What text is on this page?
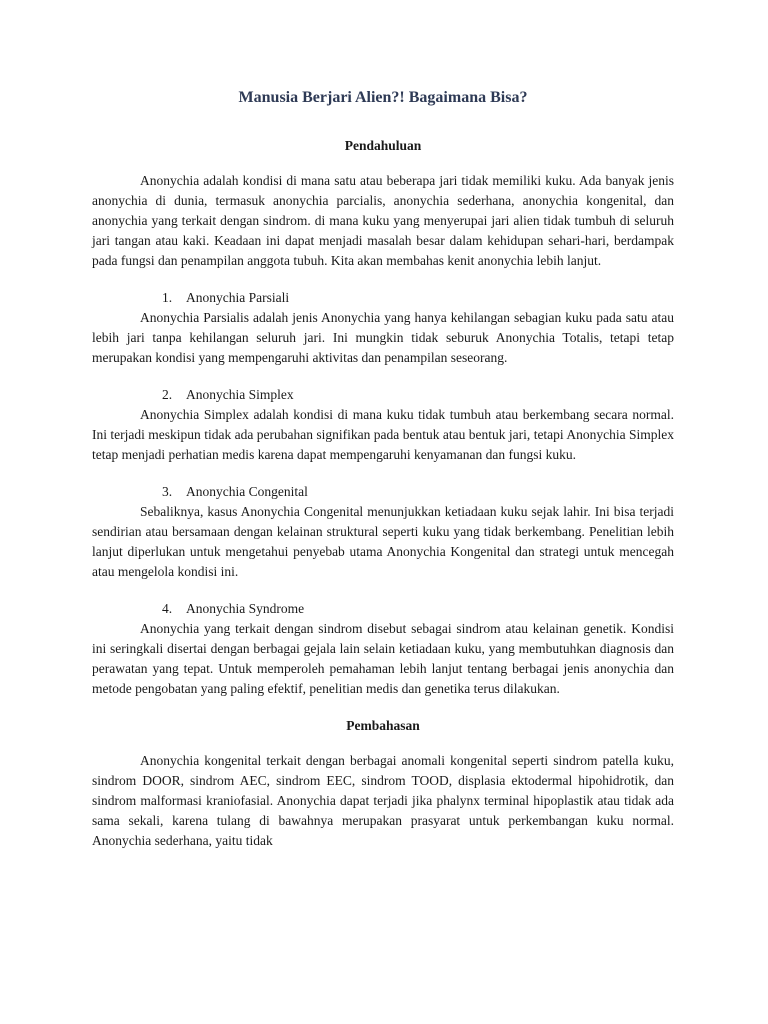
Manusia Berjari Alien?! Bagaimana Bisa?
Pendahuluan

Anonychia adalah kondisi di mana satu atau beberapa jari tidak memiliki kuku. Ada banyak jenis anonychia di dunia, termasuk anonychia parcialis, anonychia sederhana, anonychia kongenital, dan anonychia yang terkait dengan sindrom. di mana kuku yang menyerupai jari alien tidak tumbuh di seluruh jari tangan atau kaki. Keadaan ini dapat menjadi masalah besar dalam kehidupan sehari-hari, berdampak pada fungsi dan penampilan anggota tubuh. Kita akan membahas kenit anonychia lebih lanjut.

1.	Anonychia Parsiali

Anonychia Parsialis adalah jenis Anonychia yang hanya kehilangan sebagian kuku pada satu atau lebih jari tanpa kehilangan seluruh jari. Ini mungkin tidak seburuk Anonychia Totalis, tetapi tetap merupakan kondisi yang mempengaruhi aktivitas dan penampilan seseorang.

2.	Anonychia Simplex

Anonychia Simplex adalah kondisi di mana kuku tidak tumbuh atau berkembang secara normal. Ini terjadi meskipun tidak ada perubahan signifikan pada bentuk atau bentuk jari, tetapi Anonychia Simplex tetap menjadi perhatian medis karena dapat mempengaruhi kenyamanan dan fungsi kuku.

3.	Anonychia Congenital

Sebaliknya, kasus Anonychia Congenital menunjukkan ketiadaan kuku sejak lahir. Ini bisa terjadi sendirian atau bersamaan dengan kelainan struktural seperti kuku yang tidak berkembang. Penelitian lebih lanjut diperlukan untuk mengetahui penyebab utama Anonychia Kongenital dan strategi untuk mencegah atau mengelola kondisi ini.

4.	Anonychia Syndrome

Anonychia yang terkait dengan sindrom disebut sebagai sindrom atau kelainan genetik. Kondisi ini seringkali disertai dengan berbagai gejala lain selain ketiadaan kuku, yang membutuhkan diagnosis dan perawatan yang tepat. Untuk memperoleh pemahaman lebih lanjut tentang berbagai jenis anonychia dan metode pengobatan yang paling efektif, penelitian medis dan genetika terus dilakukan.

Pembahasan

Anonychia kongenital terkait dengan berbagai anomali kongenital seperti sindrom patella kuku, sindrom DOOR, sindrom AEC, sindrom EEC, sindrom TOOD, displasia ektodermal hipohidrotik, dan sindrom malformasi kraniofasial. Anonychia dapat terjadi jika phalynx terminal hipoplastik atau tidak ada sama sekali, karena tulang di bawahnya merupakan prasyarat untuk perkembangan kuku normal. Anonychia sederhana, yaitu tidak
